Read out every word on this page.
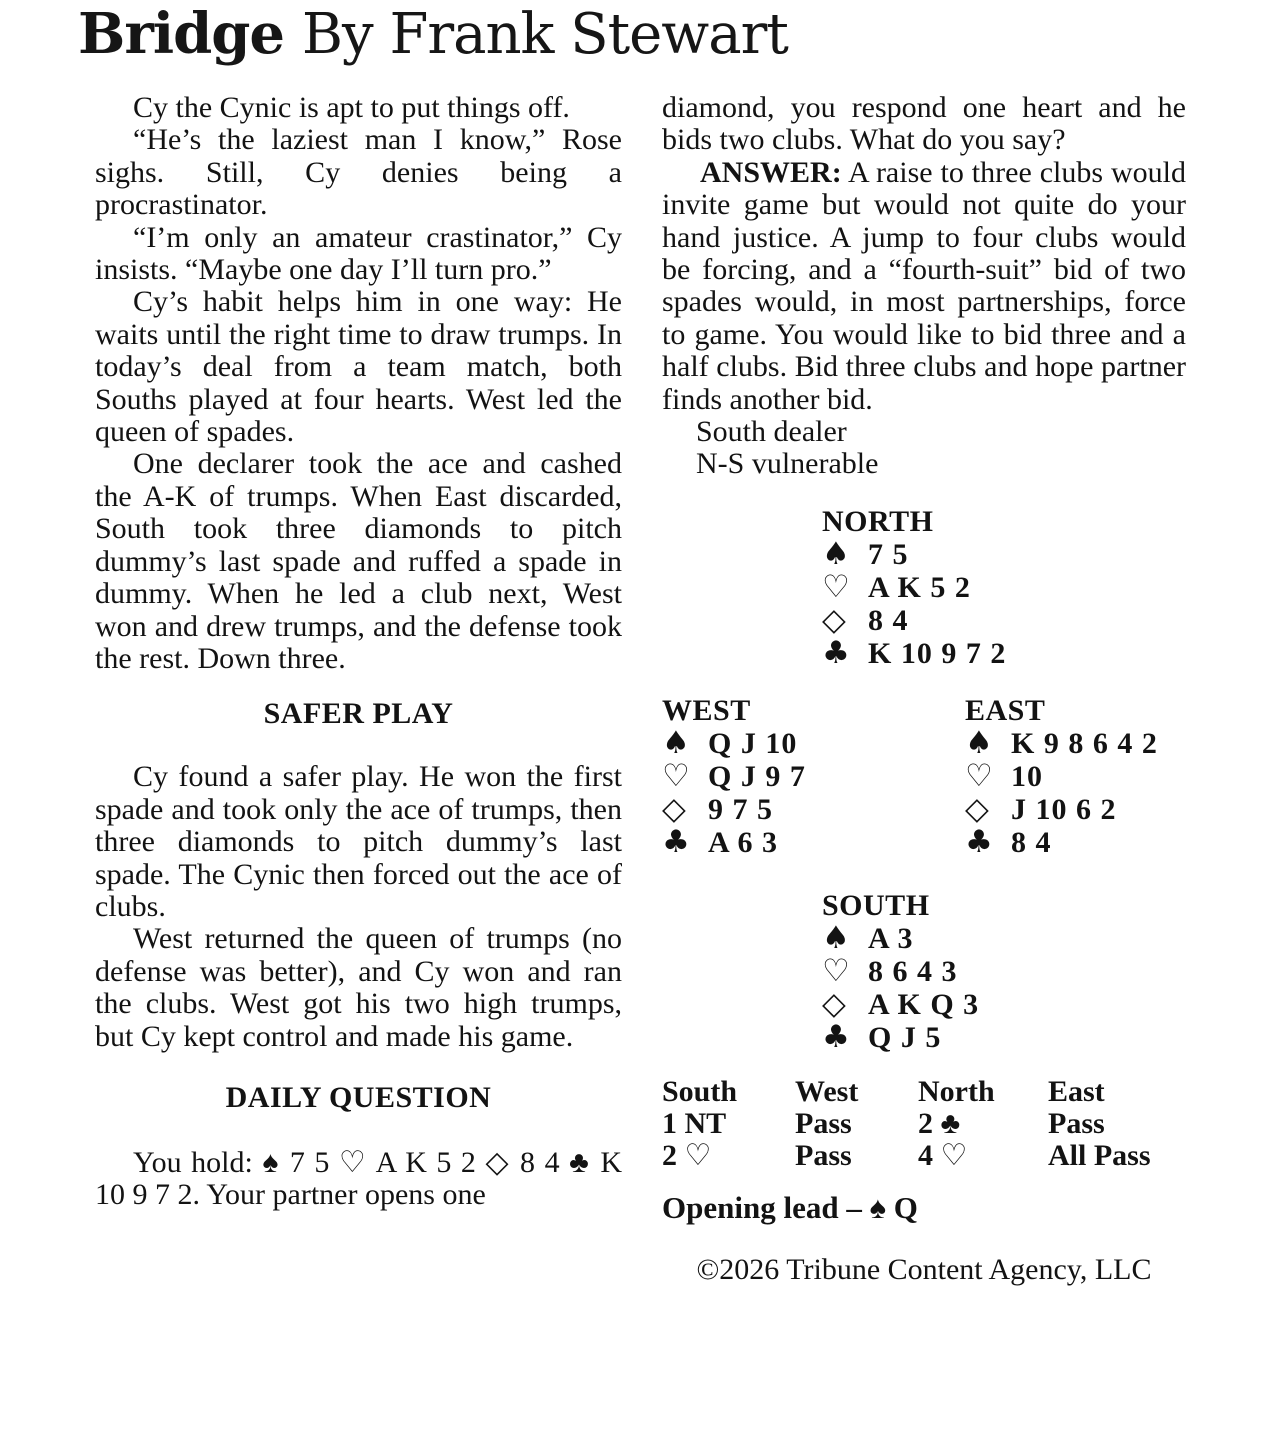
Bridge By Frank Stewart

Cy the Cynic is apt to put things off.

“He’s the laziest man I know,” Rose sighs. Still, Cy denies being a procrastinator.

“I’m only an amateur crastinator,” Cy insists. “Maybe one day I’ll turn pro.”

Cy’s habit helps him in one way: He waits until the right time to draw trumps. In today’s deal from a team match, both Souths played at four hearts. West led the queen of spades.

One declarer took the ace and cashed the A-K of trumps. When East discarded, South took three diamonds to pitch dummy’s last spade and ruffed a spade in dummy. When he led a club next, West won and drew trumps, and the defense took the rest. Down three.

SAFER PLAY

Cy found a safer play. He won the first spade and took only the ace of trumps, then three diamonds to pitch dummy’s last spade. The Cynic then forced out the ace of clubs.

West returned the queen of trumps (no defense was better), and Cy won and ran the clubs. West got his two high trumps, but Cy kept control and made his game.

DAILY QUESTION

You hold: ♠ 7 5 ♡ A K 5 2 ◇ 8 4 ♣ K 10 9 7 2. Your partner opens one

diamond, you respond one heart and he bids two clubs. What do you say?

ANSWER: A raise to three clubs would invite game but would not quite do your hand justice. A jump to four clubs would be forcing, and a “fourth-suit” bid of two spades would, in most partnerships, force to game. You would like to bid three and a half clubs. Bid three clubs and hope partner finds another bid.

South dealer
N-S vulnerable
NORTH
♠ 7 5
♡ A K 5 2
◇ 8 4
♣ K 10 9 7 2
WEST
♠ Q J 10
♡ Q J 9 7
◇ 9 7 5
♣ A 6 3
EAST
♠ K 9 8 6 4 2
♡ 10
◇ J 10 6 2
♣ 8 4
SOUTH
♠ A 3
♡ 8 6 4 3
◇ A K Q 3
♣ Q J 5
South	West	North	East
1 NT	Pass	2 ♣	Pass
2 ♡	Pass	4 ♡	All Pass
Opening lead – ♠ Q
©2026 Tribune Content Agency, LLC
